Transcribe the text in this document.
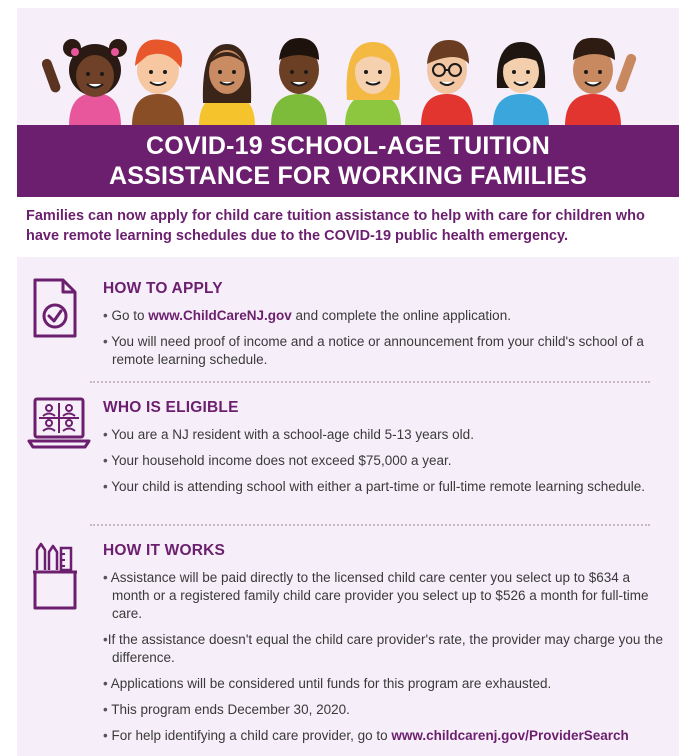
COVID-19 SCHOOL-AGE TUITION
ASSISTANCE FOR WORKING FAMILIES

Families can now apply for child care tuition assistance to help with care for children who have remote learning schedules due to the COVID-19 public health emergency.

HOW TO APPLY
• Go to www.ChildCareNJ.gov and complete the online application.
• You will need proof of income and a notice or announcement from your child's school of a remote learning schedule.
WHO IS ELIGIBLE
• You are a NJ resident with a school-age child 5-13 years old.
• Your household income does not exceed $75,000 a year.
• Your child is attending school with either a part-time or full-time remote learning schedule.
HOW IT WORKS
• Assistance will be paid directly to the licensed child care center you select up to $634 a month or a registered family child care provider you select up to $526 a month for full-time care.
•If the assistance doesn't equal the child care provider's rate, the provider may charge you the difference.
• Applications will be considered until funds for this program are exhausted.
• This program ends December 30, 2020.
• For help identifying a child care provider, go to www.childcarenj.gov/ProviderSearch
